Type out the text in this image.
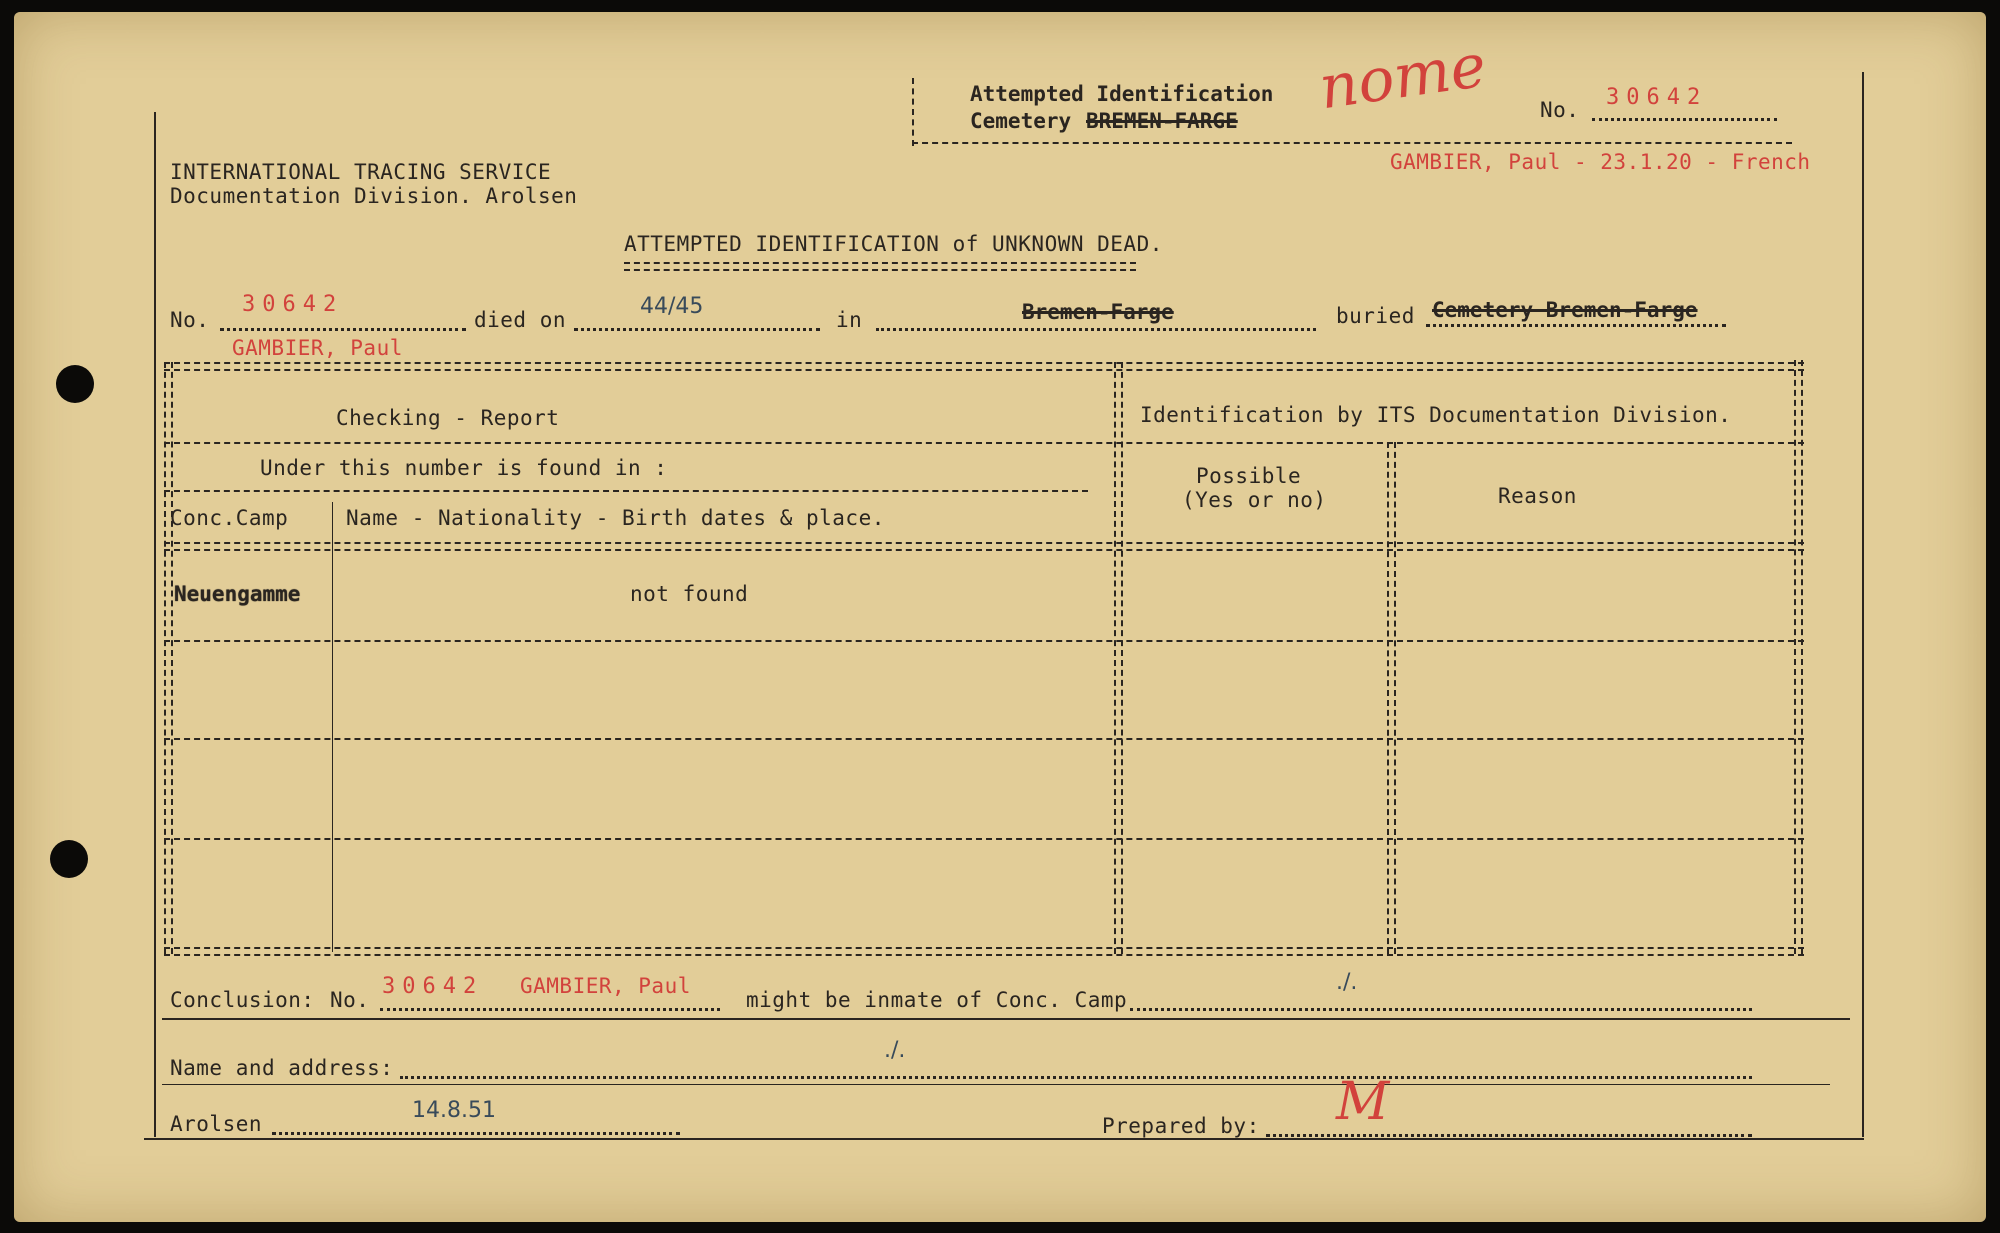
Attempted Identification
Cemetery BREMEN-FARGE nome No. 30642
GAMBIER, Paul - 23.1.20 - French
INTERNATIONAL TRACING SERVICE
Documentation Division. Arolsen
ATTEMPTED IDENTIFICATION of UNKNOWN DEAD.
No.
30642
died on
44/45
in	Bremen-Farge	buried Cemetery Bremen-Farge
GAMBIER, Paul
Checking - Report	Identification by ITS Documentation Division.
Under this number is found in :
Conc.Camp	Name - Nationality - Birth dates & place.
Possible
(Yes or no)	Reason
Neuengamme	not found
Conclusion: No.
30642 GAMBIER, Paul
might be inmate of Conc. Camp
./.
Name and address:
./.
Arolsen
14.8.51
Prepared by: M
